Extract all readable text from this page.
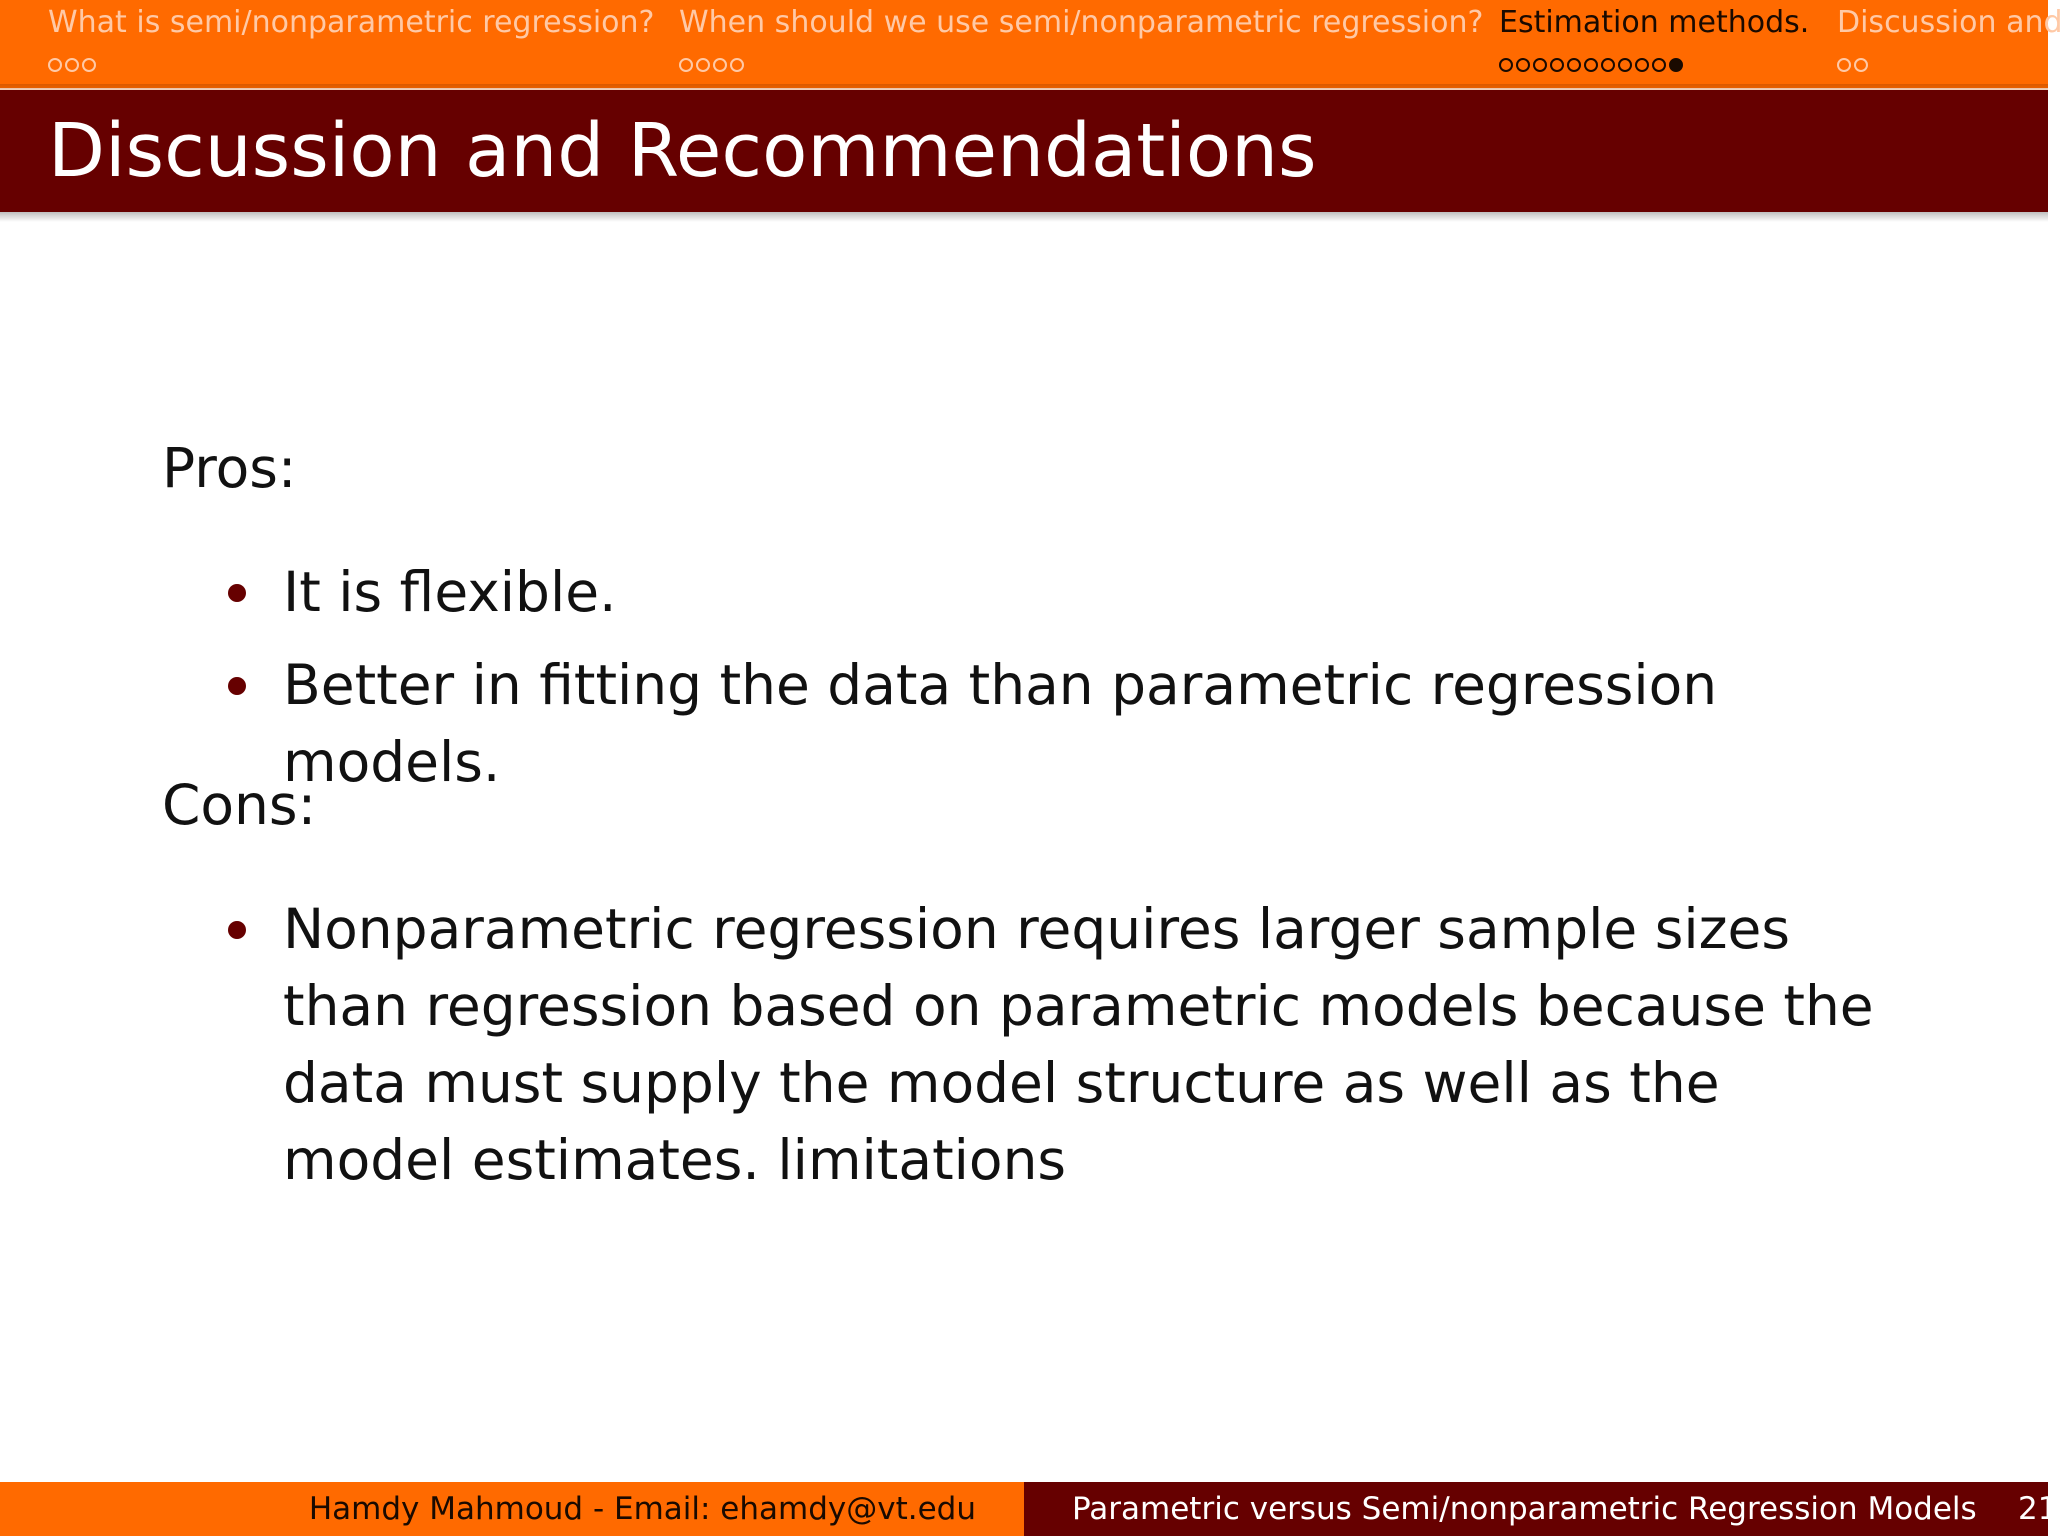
What is semi/nonparametric regression? When should we use semi/nonparametric regression? Estimation methods. Discussion and
Discussion and Recommendations
Pros:
It is flexible.
Better in fitting the data than parametric regression models.
Cons:
Nonparametric regression requires larger sample sizes than regression based on parametric models because the data must supply the model structure as well as the model estimates. limitations
Hamdy Mahmoud - Email: ehamdy@vt.edu	Parametric versus Semi/nonparametric Regression Models 21
